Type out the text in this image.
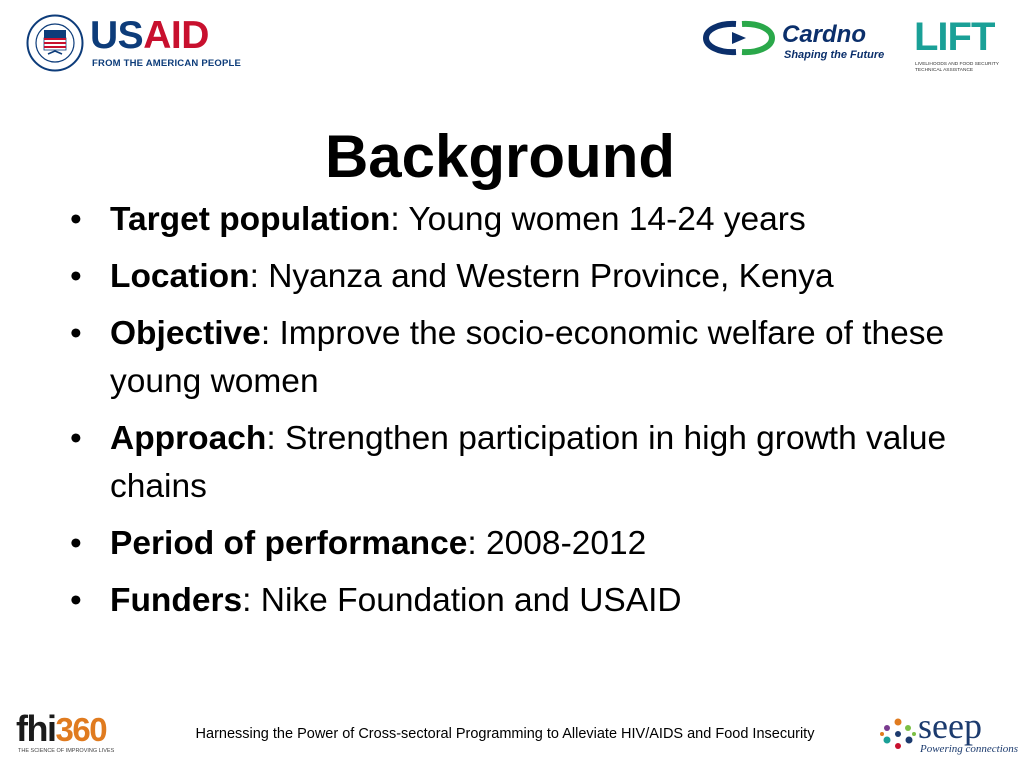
USAID
FROM THE AMERICAN PEOPLE
Cardno
Shaping the Future LIFT
LIVELIHOODS AND FOOD SECURITY TECHNICAL ASSISTANCE
Background
• Target population: Young women 14-24 years
• Location: Nyanza and Western Province, Kenya
• Objective: Improve the socio-economic welfare of these young women
• Approach: Strengthen participation in high growth value chains
• Period of performance: 2008-2012
• Funders: Nike Foundation and USAID
fhi360
THE SCIENCE OF IMPROVING LIVES
Harnessing the Power of Cross-sectoral Programming to Alleviate HIV/AIDS and Food Insecurity	seep
Powering connections
